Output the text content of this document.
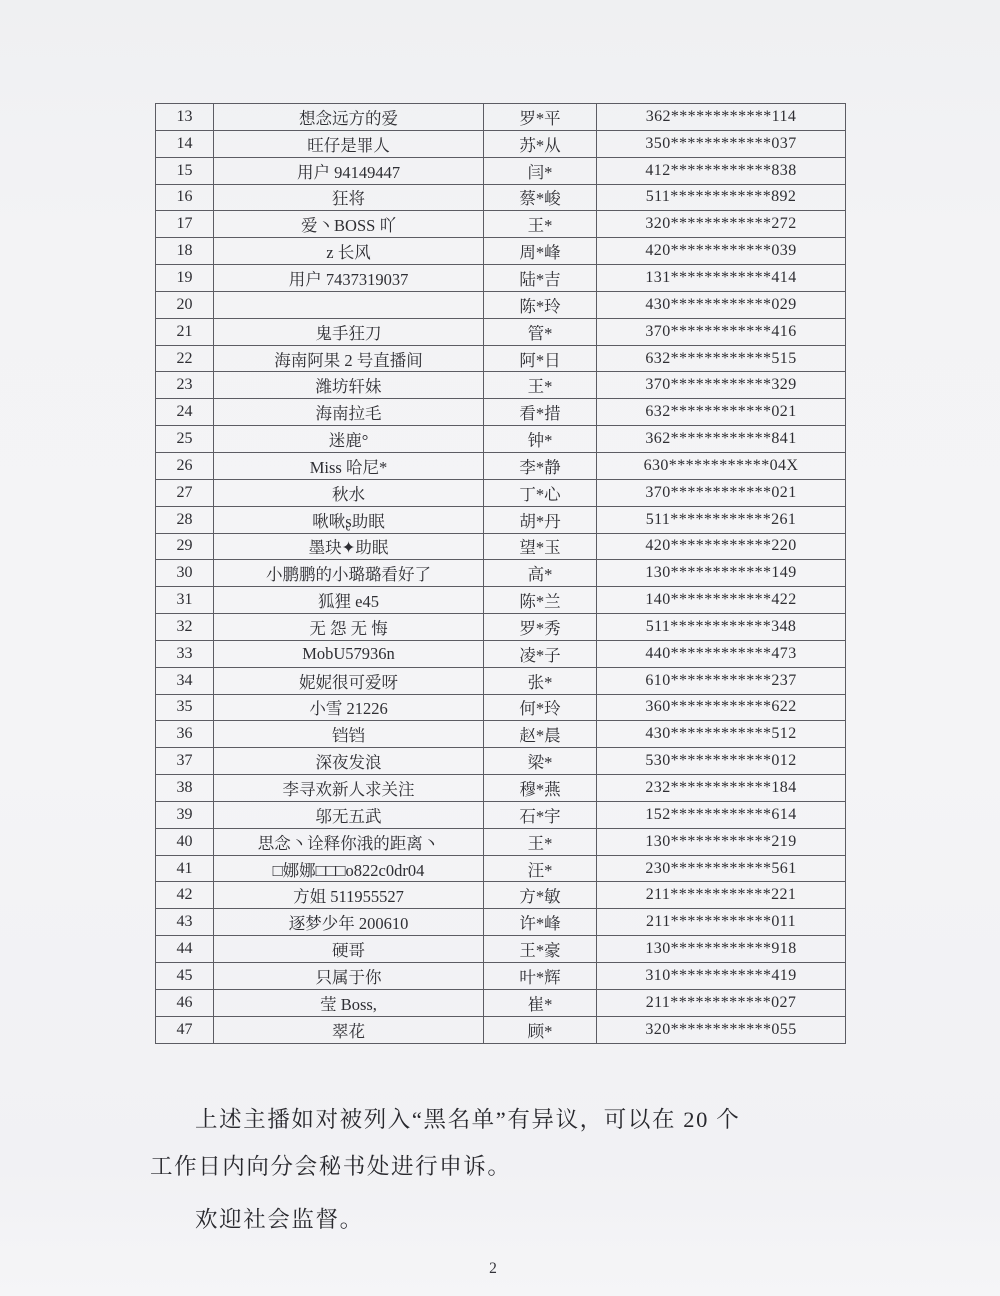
13	想念远方的爱	罗*平	362************114
14	旺仔是罪人	苏*从	350************037
15	用户 94149447	闫*	412************838
16	狂将	蔡*峻	511************892
17	爱丶BOSS 吖	王*	320************272
18	z 长风	周*峰	420************039
19	用户 7437319037	陆*吉	131************414
20		陈*玲	430************029
21	鬼手狂刀	管*	370************416
22	海南阿果 2 号直播间	阿*日	632************515
23	潍坊轩妹	王*	370************329
24	海南拉毛	看*措	632************021
25	迷鹿°	钟*	362************841
26	Miss 哈尼*	李*静	630************04X
27	秋水	丁*心	370************021
28	啾啾ʂ助眠	胡*丹	511************261
29	墨玦✦助眠	望*玉	420************220
30	小鹏鹏的小璐璐看好了	高*	130************149
31	狐狸 e45	陈*兰	140************422
32	无 怨 无 悔	罗*秀	511************348
33	MobU57936n	凌*子	440************473
34	妮妮很可爱呀	张*	610************237
35	小雪 21226	何*玲	360************622
36	铛铛	赵*晨	430************512
37	深夜发浪	梁*	530************012
38	李寻欢新人求关注	穆*燕	232************184
39	邬无五武	石*宇	152************614
40	思念丶诠释你涐的距离丶	王*	130************219
41	□娜娜□□□o822c0dr04	汪*	230************561
42	方姐 511955527	方*敏	211************221
43	逐梦少年 200610	许*峰	211************011
44	硬哥	王*豪	130************918
45	只属于你	叶*辉	310************419
46	莹 Boss,	崔*	211************027
47	翠花	顾*	320************055

上述主播如对被列入“黑名单”有异议，可以在 20 个

工作日内向分会秘书处进行申诉。

欢迎社会监督。

2
